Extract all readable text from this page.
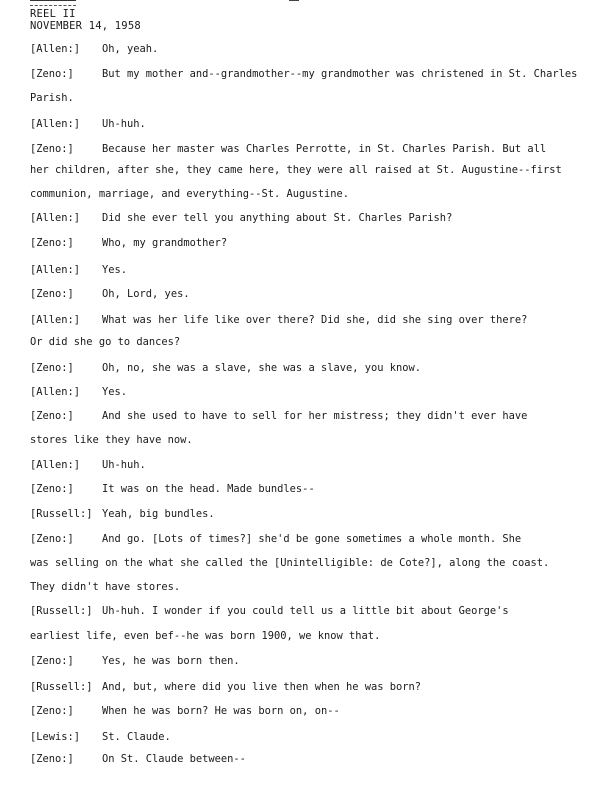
REEL II
NOVEMBER 14, 1958
[Allen:] Oh, yeah.
[Zeno:]	But my mother and--grandmother--my grandmother was christened in St. Charles
Parish.
[Allen:] Uh-huh.
[Zeno:]	Because her master was Charles Perrotte, in St. Charles Parish. But all
her children, after she, they came here, they were all raised at St. Augustine--first
communion, marriage, and everything--St. Augustine.
[Allen:] Did she ever tell you anything about St. Charles Parish?
[Zeno:]	Who, my grandmother?
[Allen:] Yes.
[Zeno:]	Oh, Lord, yes.
[Allen:] What was her life like over there? Did she, did she sing over there?
Or did she go to dances?
[Zeno:]	Oh, no, she was a slave, she was a slave, you know.
[Allen:] Yes.
[Zeno:]	And she used to have to sell for her mistress; they didn't ever have
stores like they have now.
[Allen:] Uh-huh.
[Zeno:]	It was on the head. Made bundles--
[Russell:] Yeah, big bundles.
[Zeno:]	And go. [Lots of times?] she'd be gone sometimes a whole month. She
was selling on the what she called the [Unintelligible: de Cote?], along the coast.
They didn't have stores.
[Russell:] Uh-huh. I wonder if you could tell us a little bit about George's
earliest life, even bef--he was born 1900, we know that.
[Zeno:]	Yes, he was born then.
[Russell:] And, but, where did you live then when he was born?
[Zeno:]	When he was born? He was born on, on--
[Lewis:] St. Claude.
[Zeno:]	On St. Claude between--
